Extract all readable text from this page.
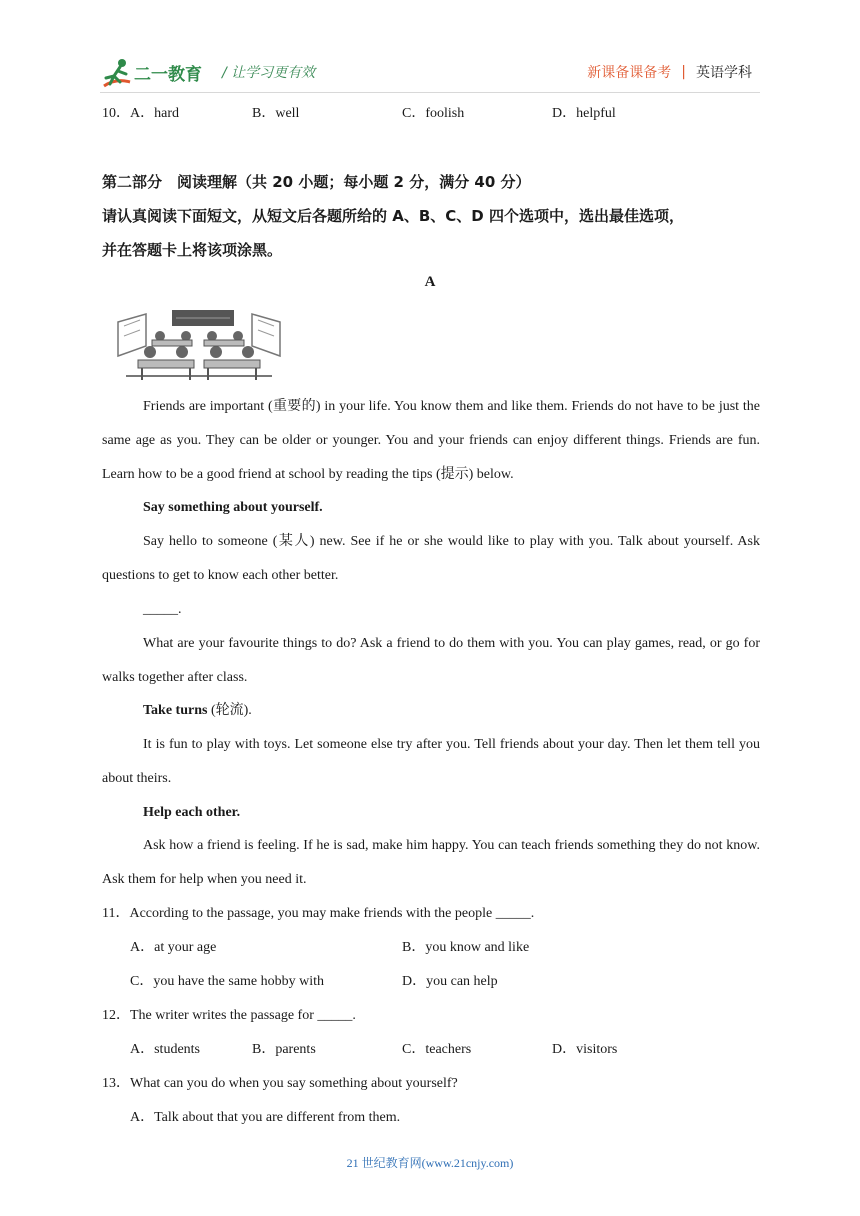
二一教育 / 让学习更有效	新课备课备考 | 英语学科
10．A．hard	B．well	C．foolish	D．helpful
第二部分　阅读理解（共 20 小题；每小题 2 分，满分 40 分）
请认真阅读下面短文，从短文后各题所给的 A、B、C、D 四个选项中，选出最佳选项，
并在答题卡上将该项涂黑。
A
Friends are important (重要的) in your life. You know them and like them. Friends do not have to be just the same age as you. They can be older or younger. You and your friends can enjoy different things. Friends are fun. Learn how to be a good friend at school by reading the tips (提示) below.
Say something about yourself.
Say hello to someone (某人) new. See if he or she would like to play with you. Talk about yourself. Ask questions to get to know each other better.
_____.
What are your favourite things to do? Ask a friend to do them with you. You can play games, read, or go for walks together after class.
Take turns (轮流).
It is fun to play with toys. Let someone else try after you. Tell friends about your day. Then let them tell you about theirs.
Help each other.
Ask how a friend is feeling. If he is sad, make him happy. You can teach friends something they do not know. Ask them for help when you need it.
11．According to the passage, you may make friends with the people _____.
A．at your age	B．you know and like
C．you have the same hobby with	D．you can help
12．The writer writes the passage for _____.
A．students	B．parents	C．teachers	D．visitors
13．What can you do when you say something about yourself?
A．Talk about that you are different from them.
21 世纪教育网(www.21cnjy.com)
